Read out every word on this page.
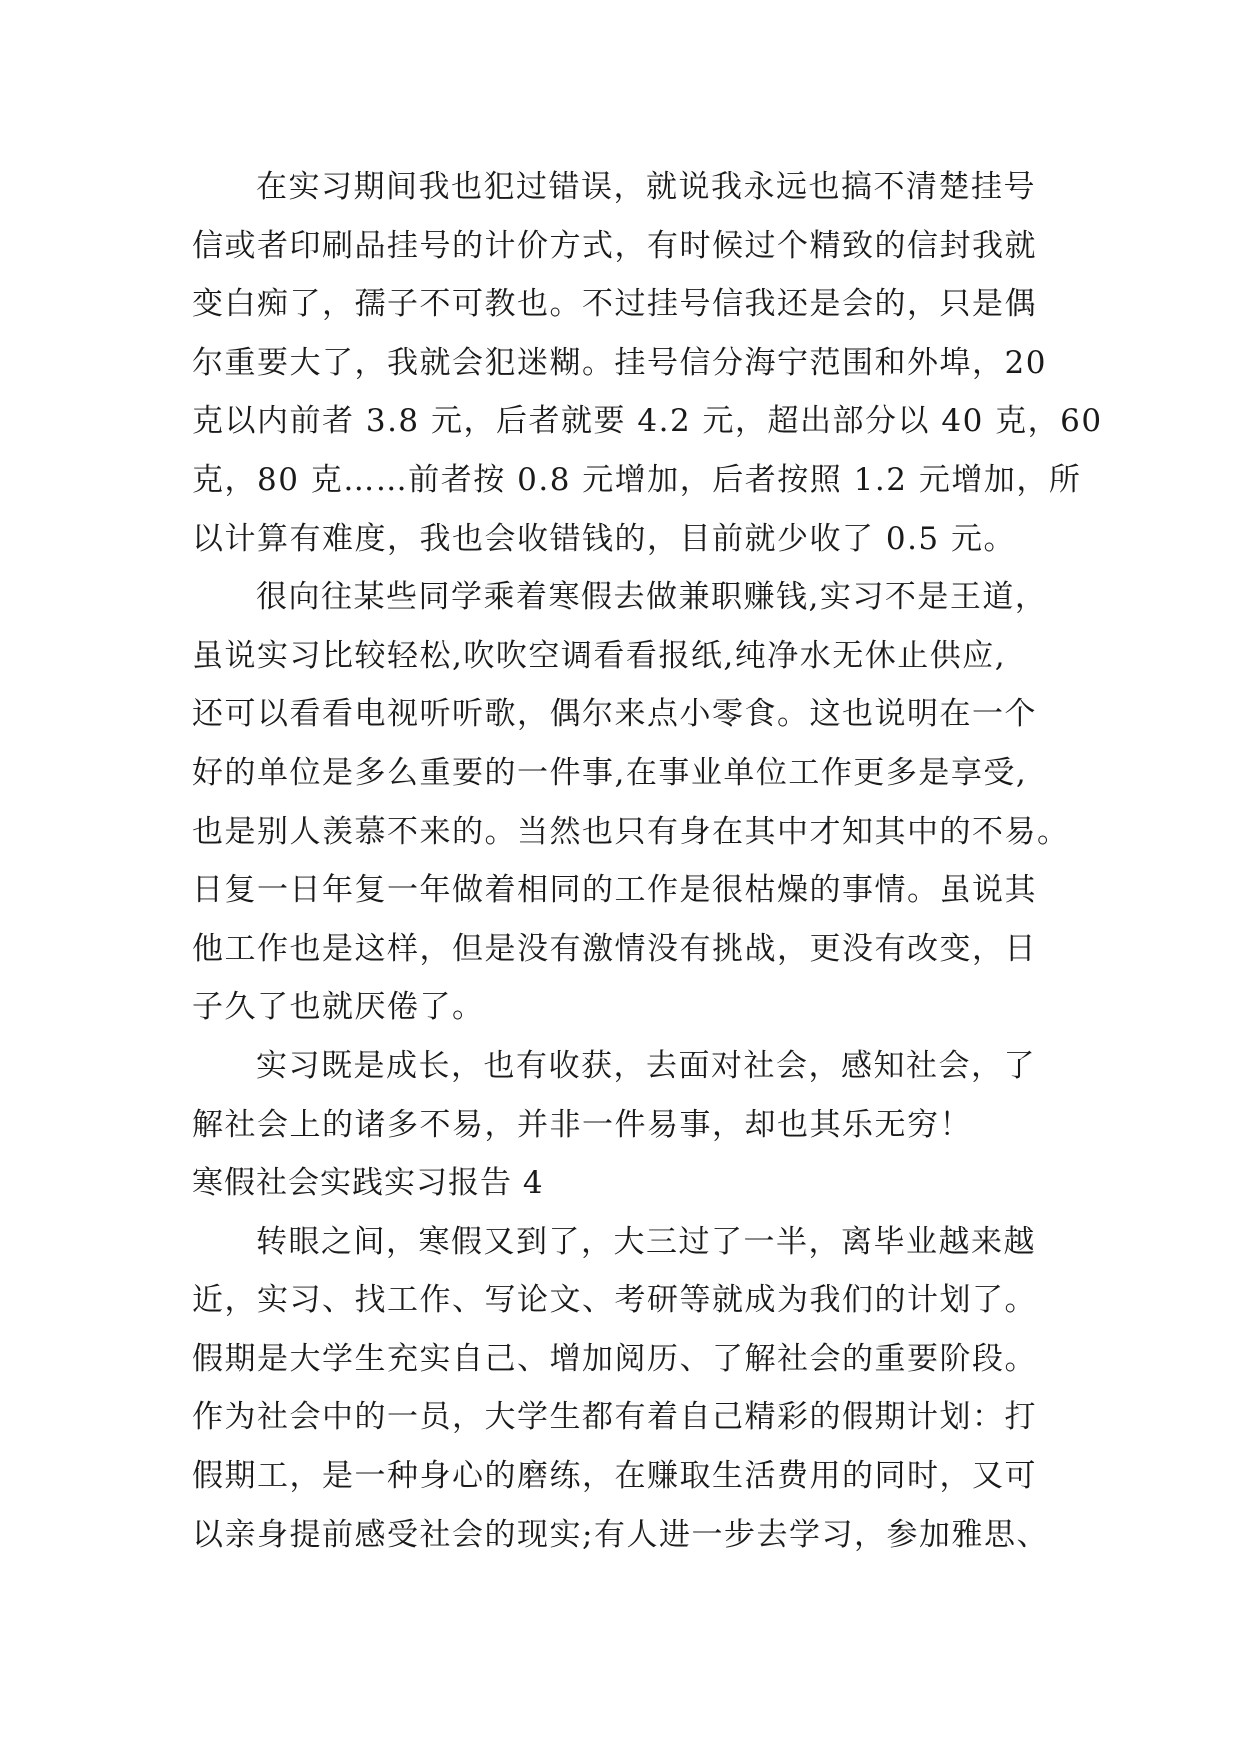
在实习期间我也犯过错误，就说我永远也搞不清楚挂号
信或者印刷品挂号的计价方式，有时候过个精致的信封我就
变白痴了，孺子不可教也。不过挂号信我还是会的，只是偶
尔重要大了，我就会犯迷糊。挂号信分海宁范围和外埠，20
克以内前者 3.8 元，后者就要 4.2 元，超出部分以 40 克，60
克，80 克……前者按 0.8 元增加，后者按照 1.2 元增加，所
以计算有难度，我也会收错钱的，目前就少收了 0.5 元。
很向往某些同学乘着寒假去做兼职赚钱,实习不是王道，
虽说实习比较轻松,吹吹空调看看报纸,纯净水无休止供应,
还可以看看电视听听歌，偶尔来点小零食。这也说明在一个
好的单位是多么重要的一件事,在事业单位工作更多是享受,
也是别人羡慕不来的。当然也只有身在其中才知其中的不易。
日复一日年复一年做着相同的工作是很枯燥的事情。虽说其
他工作也是这样，但是没有激情没有挑战，更没有改变，日
子久了也就厌倦了。
实习既是成长，也有收获，去面对社会，感知社会，了
解社会上的诸多不易，并非一件易事，却也其乐无穷！
寒假社会实践实习报告 4
转眼之间，寒假又到了，大三过了一半，离毕业越来越
近，实习、找工作、写论文、考研等就成为我们的计划了。
假期是大学生充实自己、增加阅历、了解社会的重要阶段。
作为社会中的一员，大学生都有着自己精彩的假期计划：打
假期工，是一种身心的磨练，在赚取生活费用的同时，又可
以亲身提前感受社会的现实;有人进一步去学习，参加雅思、
